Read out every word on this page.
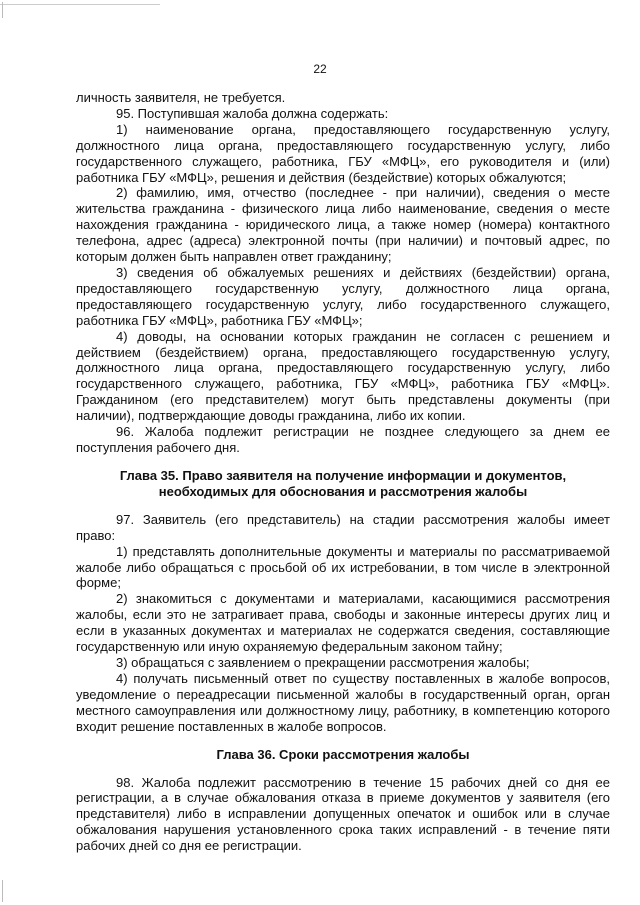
22

личность заявителя, не требуется.

95. Поступившая жалоба должна содержать:

1) наименование органа, предоставляющего государственную услугу, должностного лица органа, предоставляющего государственную услугу, либо государственного служащего, работника, ГБУ «МФЦ», его руководителя и (или) работника ГБУ «МФЦ», решения и действия (бездействие) которых обжалуются;

2) фамилию, имя, отчество (последнее - при наличии), сведения о месте жительства гражданина - физического лица либо наименование, сведения о месте нахождения гражданина - юридического лица, а также номер (номера) контактного телефона, адрес (адреса) электронной почты (при наличии) и почтовый адрес, по которым должен быть направлен ответ гражданину;

3) сведения об обжалуемых решениях и действиях (бездействии) органа, предоставляющего государственную услугу, должностного лица органа, предоставляющего государственную услугу, либо государственного служащего, работника ГБУ «МФЦ», работника ГБУ «МФЦ»;

4) доводы, на основании которых гражданин не согласен с решением и действием (бездействием) органа, предоставляющего государственную услугу, должностного лица органа, предоставляющего государственную услугу, либо государственного служащего, работника, ГБУ «МФЦ», работника ГБУ «МФЦ». Гражданином (его представителем) могут быть представлены документы (при наличии), подтверждающие доводы гражданина, либо их копии.

96. Жалоба подлежит регистрации не позднее следующего за днем ее поступления рабочего дня.

Глава 35. Право заявителя на получение информации и документов,
необходимых для обоснования и рассмотрения жалобы

97. Заявитель (его представитель) на стадии рассмотрения жалобы имеет право:

1) представлять дополнительные документы и материалы по рассматриваемой жалобе либо обращаться с просьбой об их истребовании, в том числе в электронной форме;

2) знакомиться с документами и материалами, касающимися рассмотрения жалобы, если это не затрагивает права, свободы и законные интересы других лиц и если в указанных документах и материалах не содержатся сведения, составляющие государственную или иную охраняемую федеральным законом тайну;

3) обращаться с заявлением о прекращении рассмотрения жалобы;

4) получать письменный ответ по существу поставленных в жалобе вопросов, уведомление о переадресации письменной жалобы в государственный орган, орган местного самоуправления или должностному лицу, работнику, в компетенцию которого входит решение поставленных в жалобе вопросов.

Глава 36. Сроки рассмотрения жалобы

98. Жалоба подлежит рассмотрению в течение 15 рабочих дней со дня ее регистрации, а в случае обжалования отказа в приеме документов у заявителя (его представителя) либо в исправлении допущенных опечаток и ошибок или в случае обжалования нарушения установленного срока таких исправлений - в течение пяти рабочих дней со дня ее регистрации.
